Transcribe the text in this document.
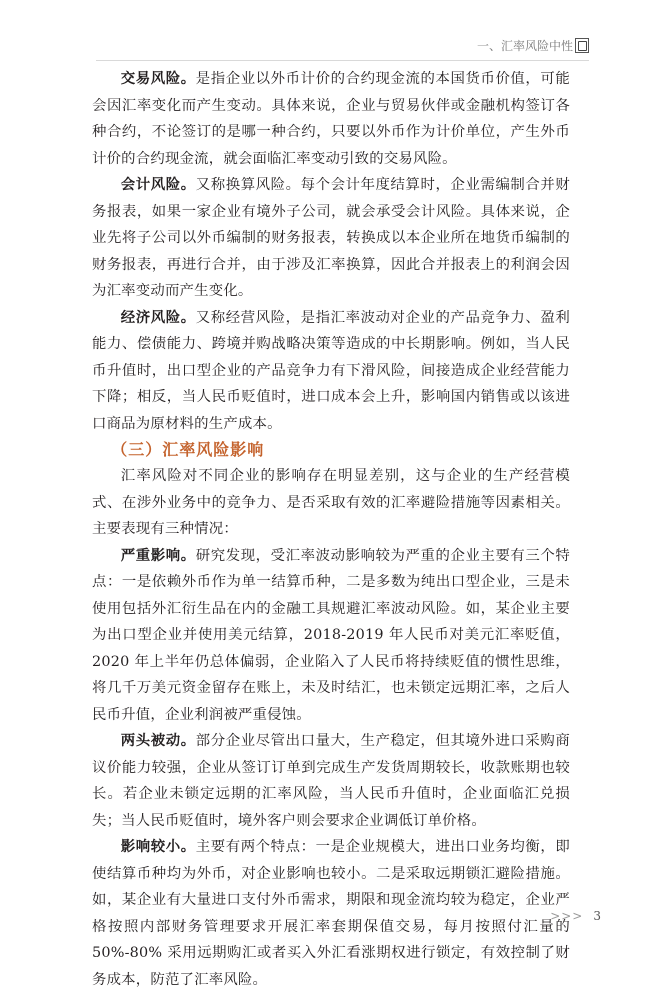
一、汇率风险中性

交易风险。是指企业以外币计价的合约现金流的本国货币价值，可能会因汇率变化而产生变动。具体来说，企业与贸易伙伴或金融机构签订各种合约，不论签订的是哪一种合约，只要以外币作为计价单位，产生外币计价的合约现金流，就会面临汇率变动引致的交易风险。

会计风险。又称换算风险。每个会计年度结算时，企业需编制合并财务报表，如果一家企业有境外子公司，就会承受会计风险。具体来说，企业先将子公司以外币编制的财务报表，转换成以本企业所在地货币编制的财务报表，再进行合并，由于涉及汇率换算，因此合并报表上的利润会因为汇率变动而产生变化。

经济风险。又称经营风险，是指汇率波动对企业的产品竞争力、盈利能力、偿债能力、跨境并购战略决策等造成的中长期影响。例如，当人民币升值时，出口型企业的产品竞争力有下滑风险，间接造成企业经营能力下降；相反，当人民币贬值时，进口成本会上升，影响国内销售或以该进口商品为原材料的生产成本。

（三）汇率风险影响

汇率风险对不同企业的影响存在明显差别，这与企业的生产经营模式、在涉外业务中的竞争力、是否采取有效的汇率避险措施等因素相关。主要表现有三种情况：

严重影响。研究发现，受汇率波动影响较为严重的企业主要有三个特点：一是依赖外币作为单一结算币种，二是多数为纯出口型企业，三是未使用包括外汇衍生品在内的金融工具规避汇率波动风险。如，某企业主要为出口型企业并使用美元结算，2018-2019 年人民币对美元汇率贬值，2020 年上半年仍总体偏弱，企业陷入了人民币将持续贬值的惯性思维，将几千万美元资金留存在账上，未及时结汇，也未锁定远期汇率，之后人民币升值，企业利润被严重侵蚀。

两头被动。部分企业尽管出口量大，生产稳定，但其境外进口采购商议价能力较强，企业从签订订单到完成生产发货周期较长，收款账期也较长。若企业未锁定远期的汇率风险，当人民币升值时，企业面临汇兑损失；当人民币贬值时，境外客户则会要求企业调低订单价格。

影响较小。主要有两个特点：一是企业规模大，进出口业务均衡，即使结算币种均为外币，对企业影响也较小。二是采取远期锁汇避险措施。如，某企业有大量进口支付外币需求，期限和现金流均较为稳定，企业严格按照内部财务管理要求开展汇率套期保值交易，每月按照付汇量的 50%-80% 采用远期购汇或者买入外汇看涨期权进行锁定，有效控制了财务成本，防范了汇率风险。

>>> 3
